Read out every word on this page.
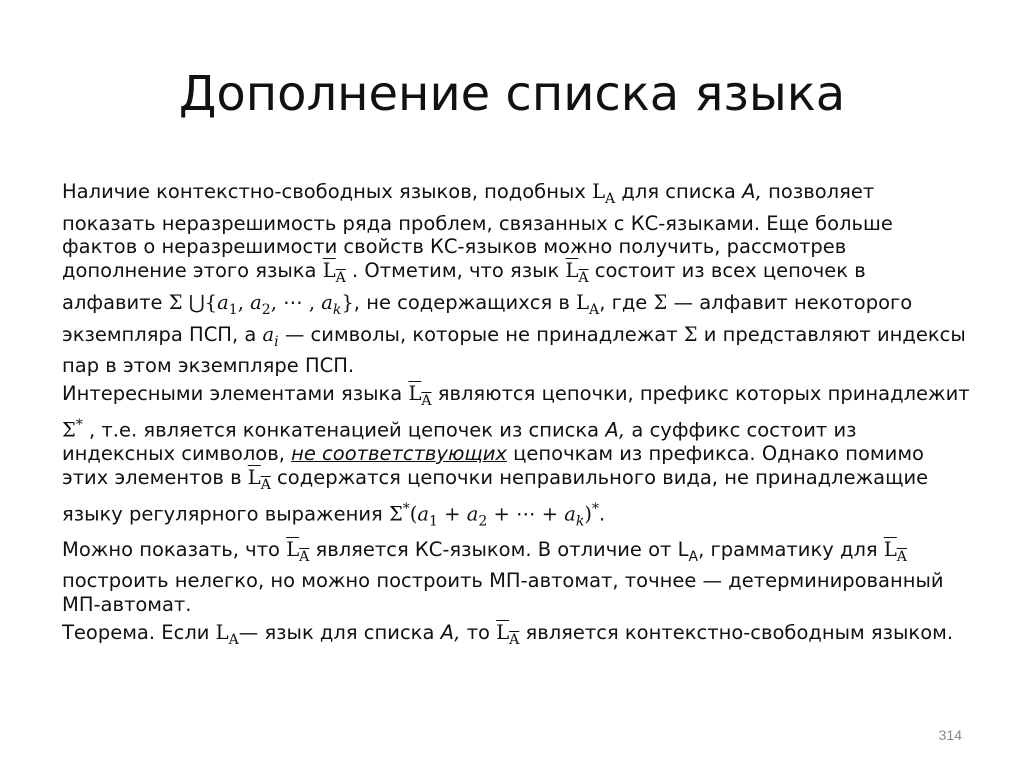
Дополнение списка языка

Наличие контекстно-свободных языков, подобных $L_A$ для списка A, позволяет показать неразрешимость ряда проблем, связанных с КС-языками. Еще больше фактов о неразрешимости свойств КС-языков можно получить, рассмотрев дополнение этого языка $\overline{L}_{\overline{A}}$ . Отметим, что язык $\overline{L}_{\overline{A}}$ состоит из всех цепочек в алфавите Σ $⋃\{a_1$, $a_2$, ⋯ , $a_k$}, не содержащихся в $L_A$, где Σ — алфавит некоторого экземпляра ПСП, а $a_i$ — символы, которые не принадлежат Σ и представляют индексы пар в этом экземпляре ПСП.

Интересными элементами языка $\overline{L}_{\overline{A}}$ являются цепочки, префикс которых принадлежит Σ* , т.е. является конкатенацией цепочек из списка A, а суффикс состоит из индексных символов, не соответствующих цепочкам из префикса. Однако помимо этих элементов в $\overline{L}_{\overline{A}}$ содержатся цепочки неправильного вида, не принадлежащие языку регулярного выражения $\Sigma^*(a_1 + a_2$ + ⋯ + $a_k)^*$.

Можно показать, что $\overline{L}_{\overline{A}}$ является КС-языком. В отличие от $L_A$, грамматику для $\overline{L}_{\overline{A}}$ построить нелегко, но можно построить МП-автомат, точнее — детерминированный МП-автомат.

Теорема. Если $L_A—$ язык для списка A, то $\overline{L}_{\overline{A}}$ является контекстно-свободным языком.

314
